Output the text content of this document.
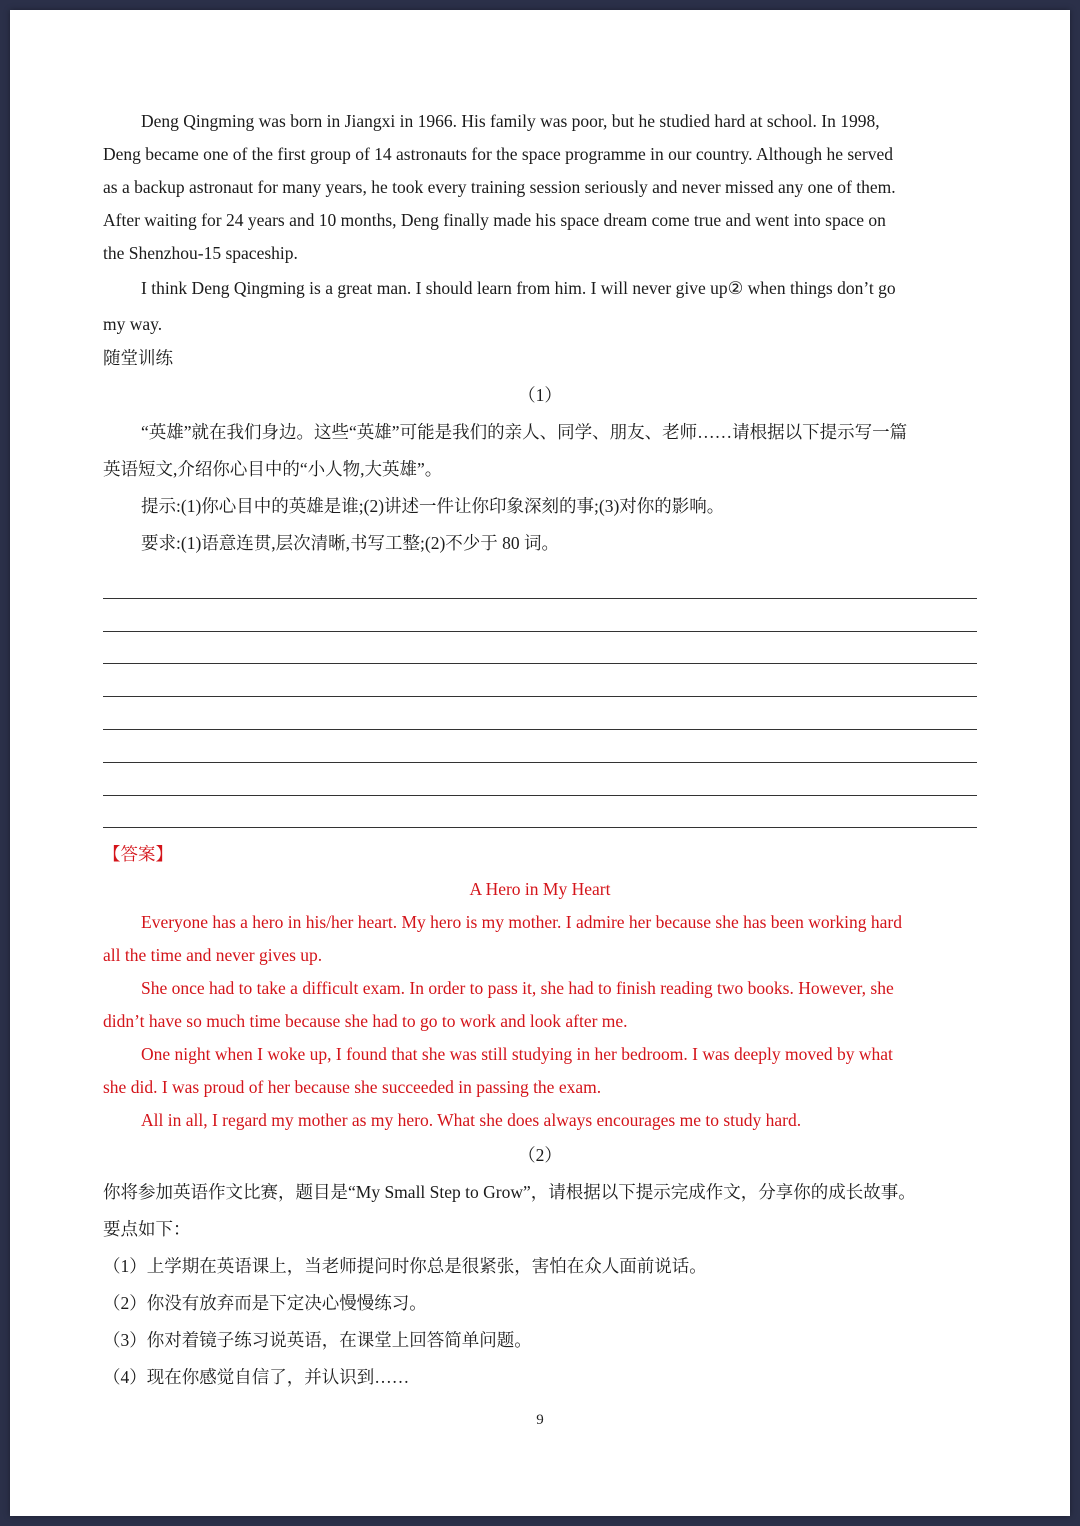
Deng Qingming was born in Jiangxi in 1966. His family was poor, but he studied hard at school. In 1998,
Deng became one of the first group of 14 astronauts for the space programme in our country. Although he served
as a backup astronaut for many years, he took every training session seriously and never missed any one of them.
After waiting for 24 years and 10 months, Deng finally made his space dream come true and went into space on
the Shenzhou-15 spaceship.
I think Deng Qingming is a great man. I should learn from him. I will never give up② when things don’t go
my way.
随堂训练
（1）
“英雄”就在我们身边。这些“英雄”可能是我们的亲人、同学、朋友、老师……请根据以下提示写一篇
英语短文,介绍你心目中的“小人物,大英雄”。
提示:(1)你心目中的英雄是谁;(2)讲述一件让你印象深刻的事;(3)对你的影响。
要求:(1)语意连贯,层次清晰,书写工整;(2)不少于 80 词。
【答案】
A Hero in My Heart
Everyone has a hero in his/her heart. My hero is my mother. I admire her because she has been working hard
all the time and never gives up.
She once had to take a difficult exam. In order to pass it, she had to finish reading two books. However, she
didn’t have so much time because she had to go to work and look after me.
One night when I woke up, I found that she was still studying in her bedroom. I was deeply moved by what
she did. I was proud of her because she succeeded in passing the exam.
All in all, I regard my mother as my hero. What she does always encourages me to study hard.
（2）
你将参加英语作文比赛，题目是“My Small Step to Grow”，请根据以下提示完成作文，分享你的成长故事。
要点如下：
（1）上学期在英语课上，当老师提问时你总是很紧张，害怕在众人面前说话。
（2）你没有放弃而是下定决心慢慢练习。
（3）你对着镜子练习说英语，在课堂上回答简单问题。
（4）现在你感觉自信了，并认识到……
9
